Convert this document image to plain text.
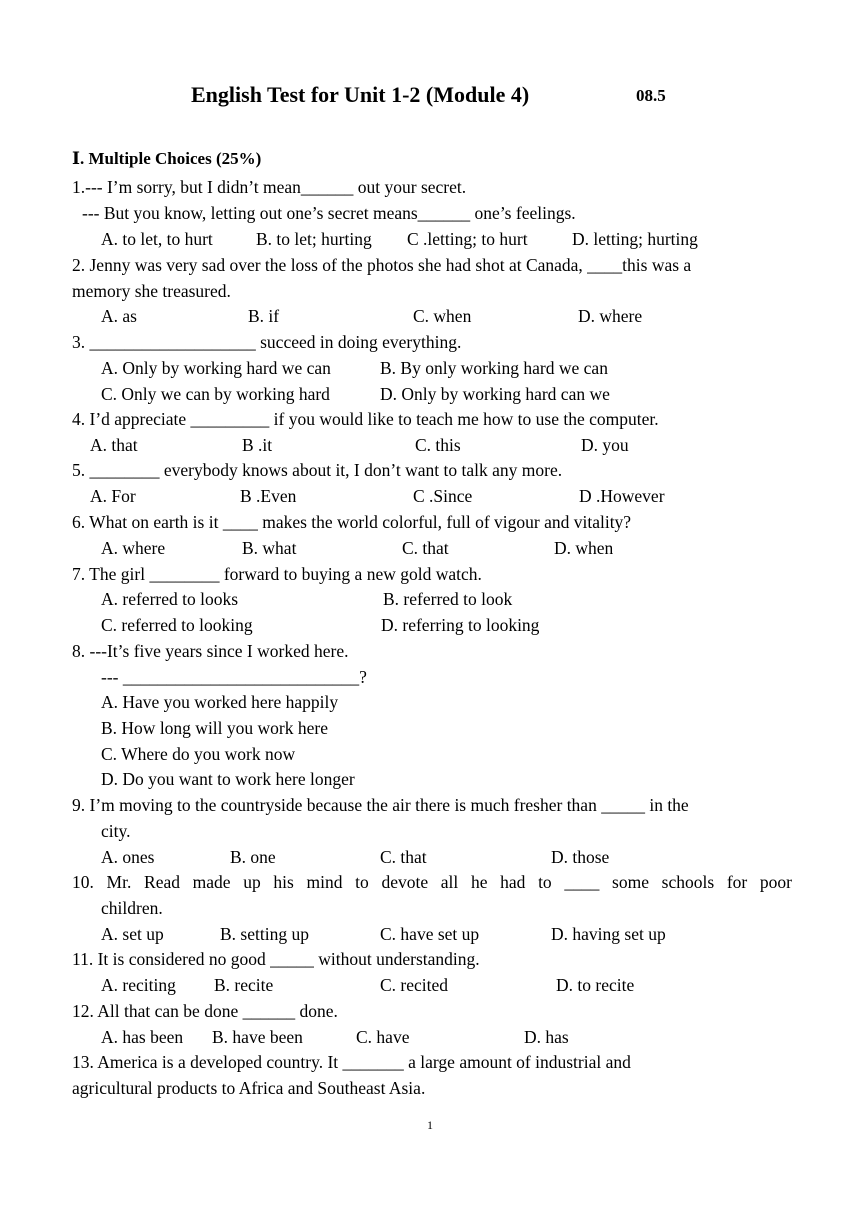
English Test for Unit 1-2 (Module 4)	08.5
Ⅰ. Multiple Choices (25%)
1.--- I’m sorry, but I didn’t mean______ out your secret.
--- But you know, letting out one’s secret means______ one’s feelings.
A. to let, to hurt B. to let; hurting C .letting; to hurt	D. letting; hurting
2. Jenny was very sad over the loss of the photos she had shot at Canada, ____this was a
memory she treasured.
A. as	B. if	C. when	D. where
3. ___________________ succeed in doing everything.
A. Only by working hard we can	B. By only working hard we can
C. Only we can by working hard	D. Only by working hard can we
4. I’d appreciate _________ if you would like to teach me how to use the computer.
A. that	B .it	C. this	D. you
5. ________ everybody knows about it, I don’t want to talk any more.
A. For	B .Even	C .Since	D .However
6. What on earth is it ____ makes the world colorful, full of vigour and vitality?
A. where	B. what	C. that	D. when
7. The girl ________ forward to buying a new gold watch.
A. referred to looks	B. referred to look
C. referred to looking	D. referring to looking
8. ---It’s five years since I worked here.
--- ___________________________?
A. Have you worked here happily
B. How long will you work here
C. Where do you work now
D. Do you want to work here longer
9. I’m moving to the countryside because the air there is much fresher than _____ in the
city.
A. ones	B. one	C. that	D. those
10. Mr. Read made up his mind to devote all he had to ____ some schools for poor
children.
A. set up	B. setting up	C. have set up	D. having set up
11. It is considered no good _____ without understanding.
A. reciting B. recite	C. recited	D. to recite
12. All that can be done ______ done.
A. has been B. have been	C. have	D. has
13. America is a developed country. It _______ a large amount of industrial and
agricultural products to Africa and Southeast Asia.
1
